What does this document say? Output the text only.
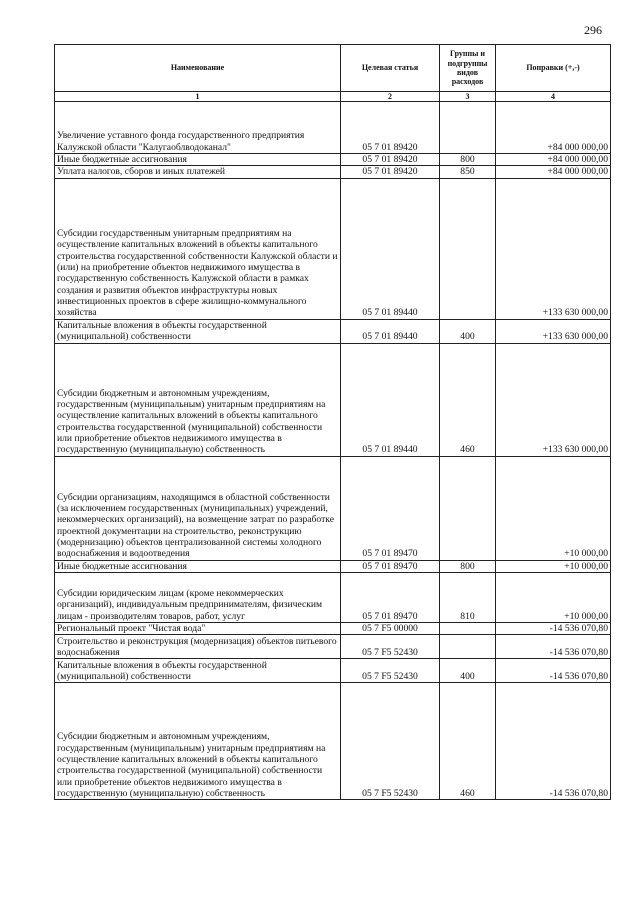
296
Наименование	Целевая статья	Группы и подгруппы видов расходов	Поправки (+,-)
1	2	3	4
Увеличение уставного фонда государственного предприятия Калужской области "Калугаоблводоканал"	05 7 01 89420		+84 000 000,00
Иные бюджетные ассигнования	05 7 01 89420	800	+84 000 000,00
Уплата налогов, сборов и иных платежей	05 7 01 89420	850	+84 000 000,00
Субсидии государственным унитарным предприятиям на осуществление капитальных вложений в объекты капитального строительства государственной собственности Калужской области и (или) на приобретение объектов недвижимого имущества в государственную собственность Калужской области в рамках создания и развития объектов инфраструктуры новых инвестиционных проектов в сфере жилищно-коммунального хозяйства	05 7 01 89440		+133 630 000,00
Капитальные вложения в объекты государственной (муниципальной) собственности	05 7 01 89440	400	+133 630 000,00
Субсидии бюджетным и автономным учреждениям, государственным (муниципальным) унитарным предприятиям на осуществление капитальных вложений в объекты капитального строительства государственной (муниципальной) собственности или приобретение объектов недвижимого имущества в государственную (муниципальную) собственность	05 7 01 89440	460	+133 630 000,00
Субсидии организациям, находящимся в областной собственности (за исключением государственных (муниципальных) учреждений, некоммерческих организаций), на возмещение затрат по разработке проектной документации на строительство, реконструкцию (модернизацию) объектов централизованной системы холодного водоснабжения и водоотведения	05 7 01 89470		+10 000,00
Иные бюджетные ассигнования	05 7 01 89470	800	+10 000,00
Субсидии юридическим лицам (кроме некоммерческих организаций), индивидуальным предпринимателям, физическим лицам - производителям товаров, работ, услуг	05 7 01 89470	810	+10 000,00
Региональный проект "Чистая вода"	05 7 F5 00000		-14 536 070,80
Строительство и реконструкция (модернизация) объектов питьевого водоснабжения	05 7 F5 52430		-14 536 070,80
Капитальные вложения в объекты государственной (муниципальной) собственности	05 7 F5 52430	400	-14 536 070,80
Субсидии бюджетным и автономным учреждениям, государственным (муниципальным) унитарным предприятиям на осуществление капитальных вложений в объекты капитального строительства государственной (муниципальной) собственности или приобретение объектов недвижимого имущества в государственную (муниципальную) собственность	05 7 F5 52430	460	-14 536 070,80
